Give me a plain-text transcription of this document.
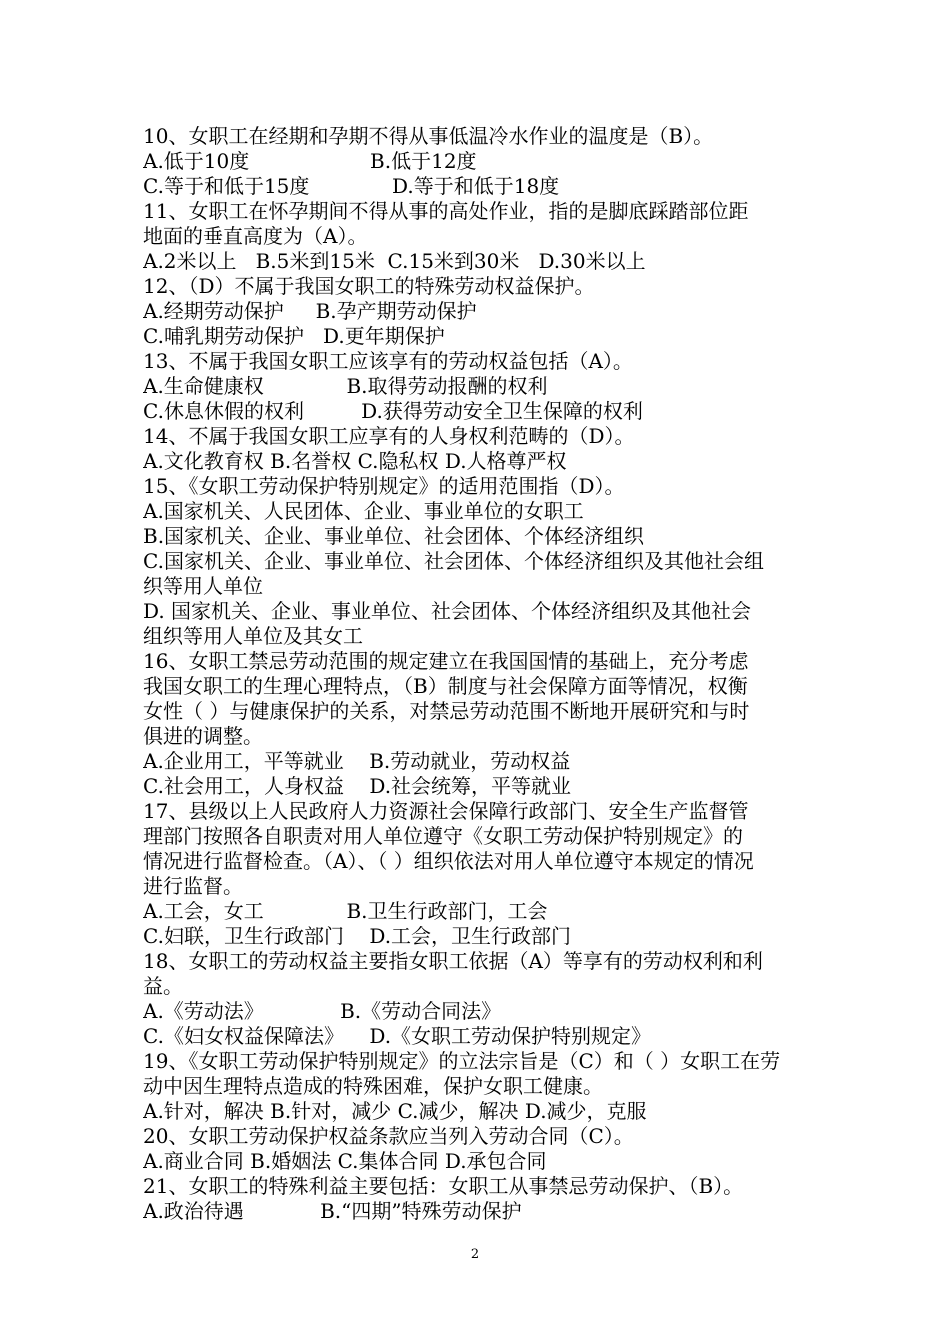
10、女职工在经期和孕期不得从事低温冷水作业的温度是（B）。
A.低于10度                   B.低于12度
C.等于和低于15度             D.等于和低于18度
11、女职工在怀孕期间不得从事的高处作业，指的是脚底踩踏部位距
地面的垂直高度为（A）。
A.2米以上   B.5米到15米  C.15米到30米   D.30米以上
12、（D）不属于我国女职工的特殊劳动权益保护。
A.经期劳动保护     B.孕产期劳动保护
C.哺乳期劳动保护   D.更年期保护
13、不属于我国女职工应该享有的劳动权益包括（A）。
A.生命健康权             B.取得劳动报酬的权利
C.休息休假的权利         D.获得劳动安全卫生保障的权利
14、不属于我国女职工应享有的人身权利范畴的（D）。
A.文化教育权 B.名誉权 C.隐私权 D.人格尊严权
15、《女职工劳动保护特别规定》的适用范围指（D）。
A.国家机关、人民团体、企业、事业单位的女职工
B.国家机关、企业、事业单位、社会团体、个体经济组织
C.国家机关、企业、事业单位、社会团体、个体经济组织及其他社会组
织等用人单位
D. 国家机关、企业、事业单位、社会团体、个体经济组织及其他社会
组织等用人单位及其女工
16、女职工禁忌劳动范围的规定建立在我国国情的基础上，充分考虑
我国女职工的生理心理特点，（B）制度与社会保障方面等情况，权衡
女性（ ）与健康保护的关系，对禁忌劳动范围不断地开展研究和与时
俱进的调整。
A.企业用工，平等就业    B.劳动就业，劳动权益
C.社会用工，人身权益    D.社会统筹，平等就业
17、县级以上人民政府人力资源社会保障行政部门、安全生产监督管
理部门按照各自职责对用人单位遵守《女职工劳动保护特别规定》的
情况进行监督检查。（A）、（ ）组织依法对用人单位遵守本规定的情况
进行监督。
A.工会，女工             B.卫生行政部门，工会
C.妇联，卫生行政部门    D.工会，卫生行政部门
18、女职工的劳动权益主要指女职工依据（A）等享有的劳动权利和利
益。
A.《劳动法》            B.《劳动合同法》
C.《妇女权益保障法》    D.《女职工劳动保护特别规定》
19、《女职工劳动保护特别规定》的立法宗旨是（C）和（ ）女职工在劳
动中因生理特点造成的特殊困难，保护女职工健康。
A.针对，解决 B.针对，减少 C.减少，解决 D.减少，克服
20、女职工劳动保护权益条款应当列入劳动合同（C）。
A.商业合同 B.婚姻法 C.集体合同 D.承包合同
21、女职工的特殊利益主要包括：女职工从事禁忌劳动保护、（B）。
A.政治待遇            B.“四期”特殊劳动保护
2
